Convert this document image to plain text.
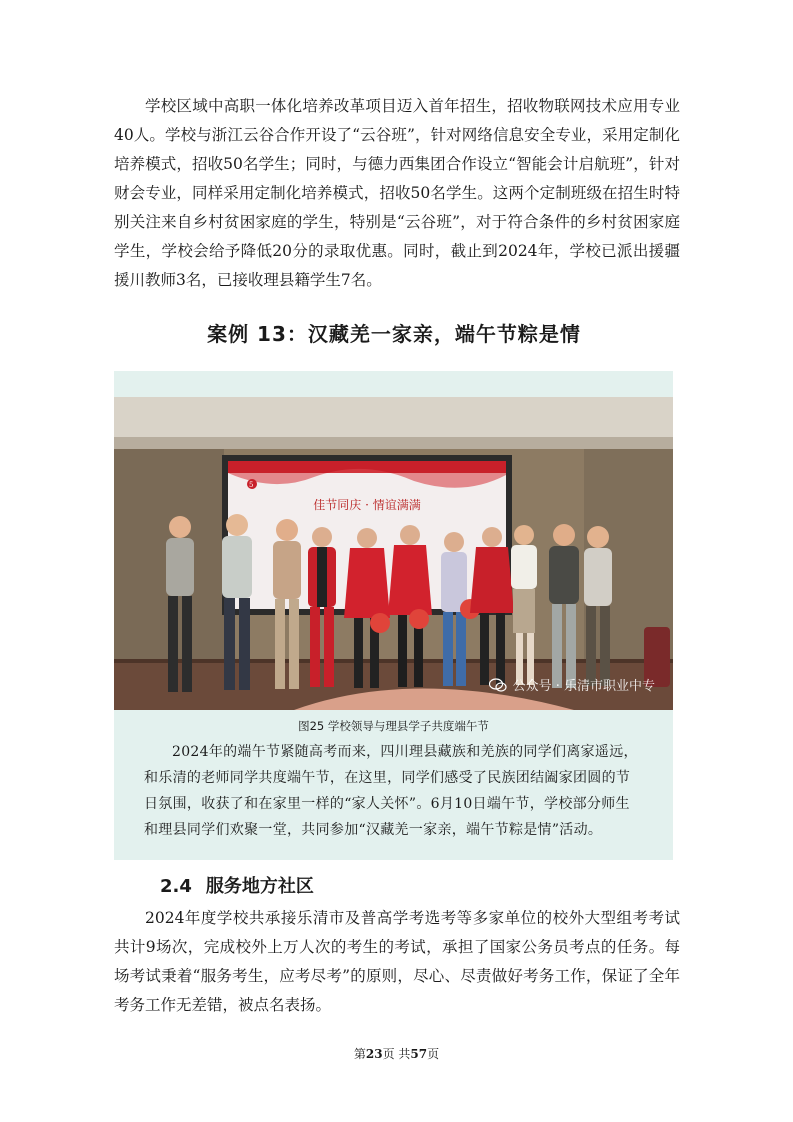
学校区域中高职一体化培养改革项目迈入首年招生，招收物联网技术应用专业40人。学校与浙江云谷合作开设了“云谷班”，针对网络信息安全专业，采用定制化培养模式，招收50名学生；同时，与德力西集团合作设立“智能会计启航班”，针对财会专业，同样采用定制化培养模式，招收50名学生。这两个定制班级在招生时特别关注来自乡村贫困家庭的学生，特别是“云谷班”，对于符合条件的乡村贫困家庭学生，学校会给予降低20分的录取优惠。同时，截止到2024年，学校已派出援疆援川教师3名，已接收理县籍学生7名。

案例 13：汉藏羌一家亲，端午节粽是情
5
佳节同庆 · 情谊满满
公众号 · 乐清市职业中专

图25 学校领导与理县学子共度端午节

2024年的端午节紧随高考而来，四川理县藏族和羌族的同学们离家遥远，和乐清的老师同学共度端午节，在这里，同学们感受了民族团结阖家团圆的节日氛围，收获了和在家里一样的“家人关怀”。6月10日端午节，学校部分师生和理县同学们欢聚一堂，共同参加“汉藏羌一家亲，端午节粽是情”活动。

2.4 服务地方社区

2024年度学校共承接乐清市及普高学考选考等多家单位的校外大型组考考试共计9场次，完成校外上万人次的考生的考试，承担了国家公务员考点的任务。每场考试秉着“服务考生，应考尽考”的原则，尽心、尽责做好考务工作，保证了全年考务工作无差错，被点名表扬。

第23页 共57页
